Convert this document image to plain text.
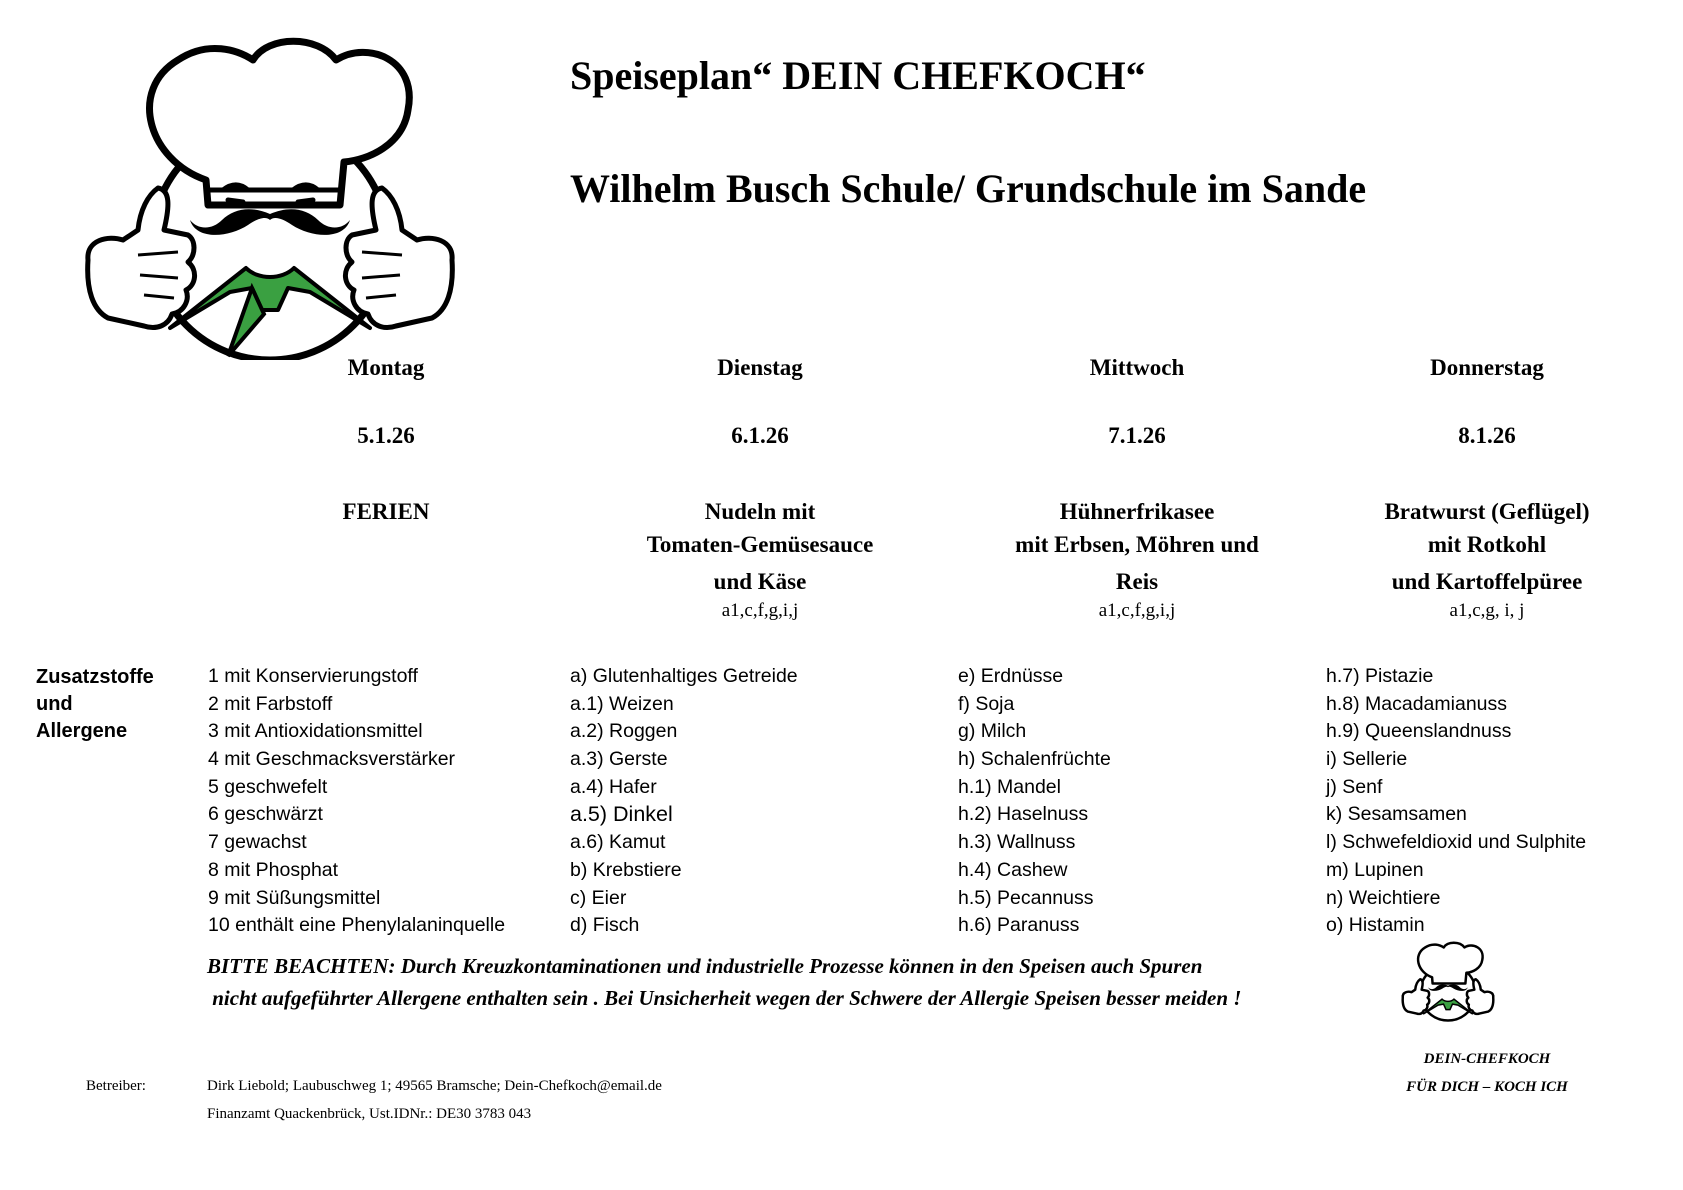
Speiseplan“ DEIN CHEFKOCH“
Wilhelm Busch Schule/ Grundschule im Sande
Montag
5.1.26
FERIEN
Dienstag
6.1.26
Nudeln mit
Tomaten-Gemüsesauce
und Käse
a1,c,f,g,i,j
Mittwoch
7.1.26
Hühnerfrikasee
mit Erbsen, Möhren und
Reis
a1,c,f,g,i,j
Donnerstag
8.1.26
Bratwurst (Geflügel)
mit Rotkohl
und Kartoffelpüree
a1,c,g, i, j
Zusatzstoffe
und
Allergene
1 mit Konservierungstoff
2 mit Farbstoff
3 mit Antioxidationsmittel
4 mit Geschmacksverstärker
5 geschwefelt
6 geschwärzt
7 gewachst
8 mit Phosphat
9 mit Süßungsmittel
10 enthält eine Phenylalaninquelle
a) Glutenhaltiges Getreide
a.1) Weizen
a.2) Roggen
a.3) Gerste
a.4) Hafer
a.5) Dinkel
a.6) Kamut
b) Krebstiere
c) Eier
d) Fisch
e) Erdnüsse
f) Soja
g) Milch
h) Schalenfrüchte
h.1) Mandel
h.2) Haselnuss
h.3) Wallnuss
h.4) Cashew
h.5) Pecannuss
h.6) Paranuss
h.7) Pistazie
h.8) Macadamianuss
h.9) Queenslandnuss
i) Sellerie
j) Senf
k) Sesamsamen
l) Schwefeldioxid und Sulphite
m) Lupinen
n) Weichtiere
o) Histamin
BITTE BEACHTEN: Durch Kreuzkontaminationen und industrielle Prozesse können in den Speisen auch Spuren
nicht aufgeführter Allergene enthalten sein . Bei Unsicherheit wegen der Schwere der Allergie Speisen besser meiden !
DEIN-CHEFKOCH
FÜR DICH – KOCH ICH
Betreiber:	Dirk Liebold; Laubuschweg 1; 49565 Bramsche; Dein-Chefkoch@email.de
Finanzamt Quackenbrück, Ust.IDNr.: DE30 3783 043
